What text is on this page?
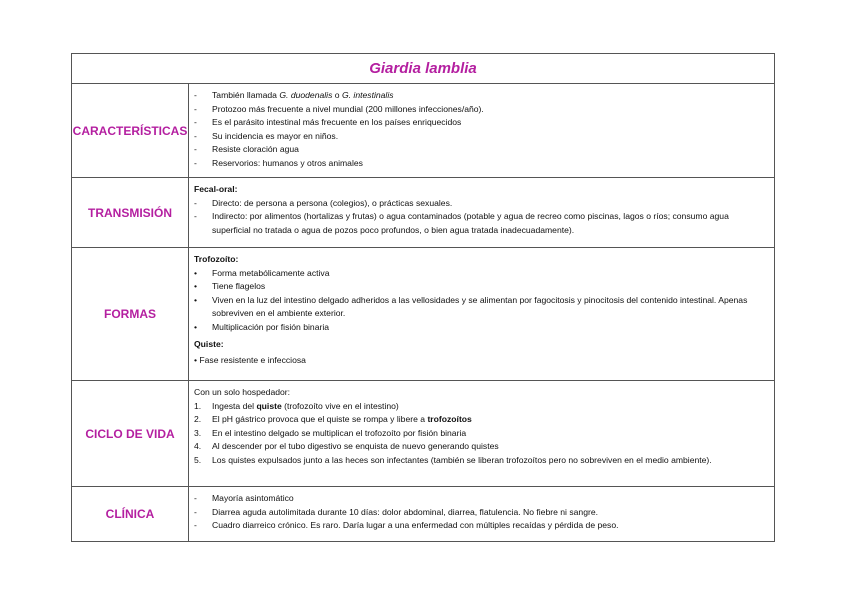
Giardia lamblia
CARACTERÍSTICAS
-	También llamada G. duodenalis o G. intestinalis
-	Protozoo más frecuente a nivel mundial (200 millones infecciones/año).
-	Es el parásito intestinal más frecuente en los países enriquecidos
-	Su incidencia es mayor en niños.
-	Resiste cloración agua
-	Reservorios: humanos y otros animales
TRANSMISIÓN
Fecal-oral:
-	Directo: de persona a persona (colegios), o prácticas sexuales.
-	Indirecto: por alimentos (hortalizas y frutas) o agua contaminados (potable y agua de recreo como piscinas, lagos o ríos; consumo agua superficial no tratada o agua de pozos poco profundos, o bien agua tratada inadecuadamente).
FORMAS
Trofozoíto:
•	Forma metabólicamente activa
•	Tiene flagelos
•	Viven en la luz del intestino delgado adheridos a las vellosidades y se alimentan por fagocitosis y pinocitosis del contenido intestinal. Apenas sobreviven en el ambiente exterior.
•	Multiplicación por fisión binaria
Quiste:
• Fase resistente e infecciosa
CICLO DE VIDA
Con un solo hospedador:
1.	Ingesta del quiste (trofozoíto vive en el intestino)
2.	El pH gástrico provoca que el quiste se rompa y libere a trofozoítos
3.	En el intestino delgado se multiplican el trofozoíto por fisión binaria
4.	Al descender por el tubo digestivo se enquista de nuevo generando quistes
5.	Los quistes expulsados junto a las heces son infectantes (también se liberan trofozoítos pero no sobreviven en el medio ambiente).
CLÍNICA
-	Mayoría asintomático
-	Diarrea aguda autolimitada durante 10 días: dolor abdominal, diarrea, flatulencia. No fiebre ni sangre.
-	Cuadro diarreico crónico. Es raro. Daría lugar a una enfermedad con múltiples recaídas y pérdida de peso.
